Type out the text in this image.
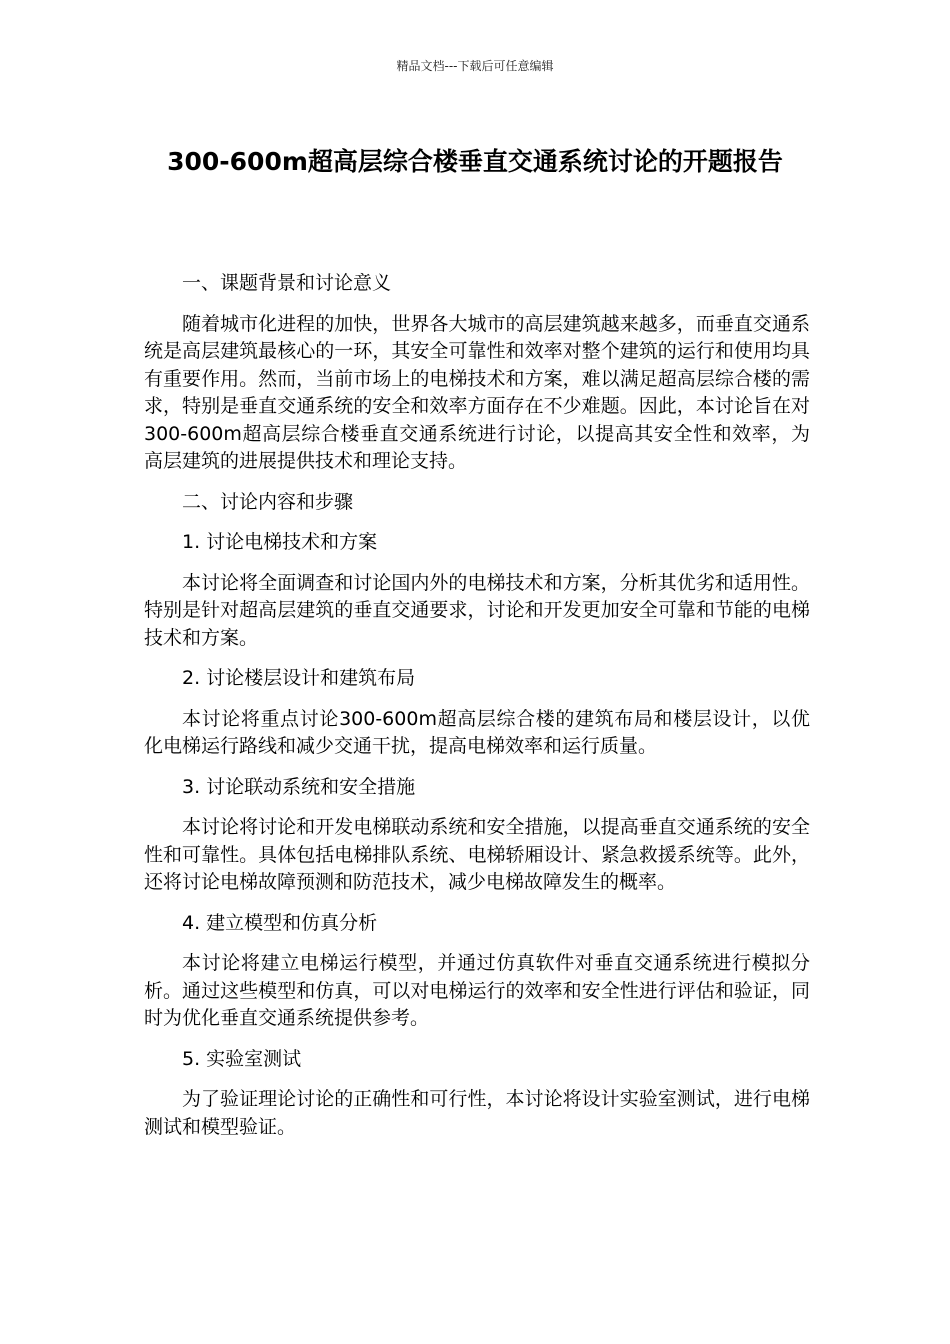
精品文档---下载后可任意编辑
300-600m超高层综合楼垂直交通系统讨论的开题报告

一、课题背景和讨论意义

随着城市化进程的加快，世界各大城市的高层建筑越来越多，而垂直交通系统是高层建筑最核心的一环，其安全可靠性和效率对整个建筑的运行和使用均具有重要作用。然而，当前市场上的电梯技术和方案，难以满足超高层综合楼的需求，特别是垂直交通系统的安全和效率方面存在不少难题。因此，本讨论旨在对300-600m超高层综合楼垂直交通系统进行讨论，以提高其安全性和效率，为高层建筑的进展提供技术和理论支持。

二、讨论内容和步骤

1. 讨论电梯技术和方案

本讨论将全面调查和讨论国内外的电梯技术和方案，分析其优劣和适用性。特别是针对超高层建筑的垂直交通要求，讨论和开发更加安全可靠和节能的电梯技术和方案。

2. 讨论楼层设计和建筑布局

本讨论将重点讨论300-600m超高层综合楼的建筑布局和楼层设计，以优化电梯运行路线和减少交通干扰，提高电梯效率和运行质量。

3. 讨论联动系统和安全措施

本讨论将讨论和开发电梯联动系统和安全措施，以提高垂直交通系统的安全性和可靠性。具体包括电梯排队系统、电梯轿厢设计、紧急救援系统等。此外，还将讨论电梯故障预测和防范技术，减少电梯故障发生的概率。

4. 建立模型和仿真分析

本讨论将建立电梯运行模型，并通过仿真软件对垂直交通系统进行模拟分析。通过这些模型和仿真，可以对电梯运行的效率和安全性进行评估和验证，同时为优化垂直交通系统提供参考。

5. 实验室测试

为了验证理论讨论的正确性和可行性，本讨论将设计实验室测试，进行电梯测试和模型验证。
